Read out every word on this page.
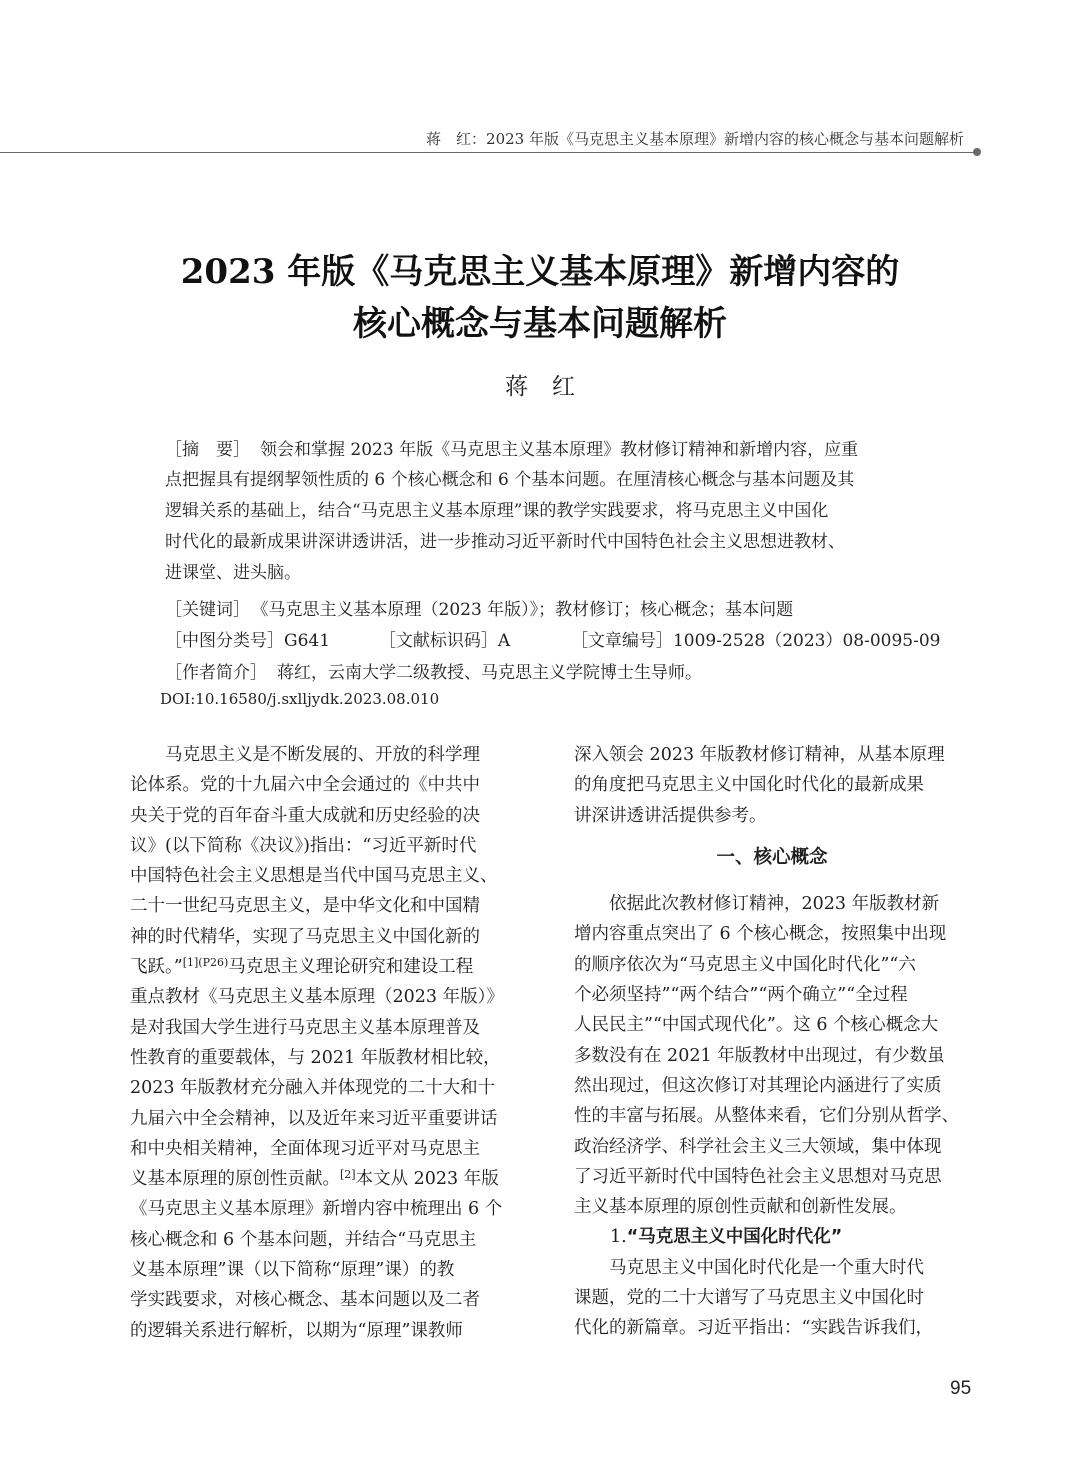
蒋　红：2023 年版《马克思主义基本原理》新增内容的核心概念与基本问题解析
2023 年版《马克思主义基本原理》新增内容的
核心概念与基本问题解析
蒋红
［摘　要］ 领会和掌握 2023 年版《马克思主义基本原理》教材修订精神和新增内容，应重
点把握具有提纲挈领性质的 6 个核心概念和 6 个基本问题。在厘清核心概念与基本问题及其
逻辑关系的基础上，结合“马克思主义基本原理”课的教学实践要求，将马克思主义中国化
时代化的最新成果讲深讲透讲活，进一步推动习近平新时代中国特色社会主义思想进教材、
进课堂、进头脑。
［关键词］ 《马克思主义基本原理（2023 年版）》；教材修订；核心概念；基本问题
［中图分类号］G641	［文献标识码］A	［文章编号］1009-2528（2023）08-0095-09
［作者简介］ 蒋红，云南大学二级教授、马克思主义学院博士生导师。
DOI:10.16580/j.sxlljydk.2023.08.010
马克思主义是不断发展的、开放的科学理
论体系。党的十九届六中全会通过的《中共中
央关于党的百年奋斗重大成就和历史经验的决
议》(以下简称《决议》)指出：“习近平新时代
中国特色社会主义思想是当代中国马克思主义、
二十一世纪马克思主义，是中华文化和中国精
神的时代精华，实现了马克思主义中国化新的
飞跃。”$^{[1](P26)}$马克思主义理论研究和建设工程
重点教材《马克思主义基本原理（2023 年版）》
是对我国大学生进行马克思主义基本原理普及
性教育的重要载体，与 2021 年版教材相比较，
2023 年版教材充分融入并体现党的二十大和十
九届六中全会精神，以及近年来习近平重要讲话
和中央相关精神，全面体现习近平对马克思主
义基本原理的原创性贡献。[2]本文从 2023 年版
《马克思主义基本原理》新增内容中梳理出 6 个
核心概念和 6 个基本问题，并结合“马克思主
义基本原理”课（以下简称“原理”课）的教
学实践要求，对核心概念、基本问题以及二者
的逻辑关系进行解析，以期为“原理”课教师
深入领会 2023 年版教材修订精神，从基本原理
的角度把马克思主义中国化时代化的最新成果
讲深讲透讲活提供参考。
一、核心概念
依据此次教材修订精神，2023 年版教材新
增内容重点突出了 6 个核心概念，按照集中出现
的顺序依次为“马克思主义中国化时代化”“六
个必须坚持”“两个结合”“两个确立”“全过程
人民民主”“中国式现代化”。这 6 个核心概念大
多数没有在 2021 年版教材中出现过，有少数虽
然出现过，但这次修订对其理论内涵进行了实质
性的丰富与拓展。从整体来看，它们分别从哲学、
政治经济学、科学社会主义三大领域，集中体现
了习近平新时代中国特色社会主义思想对马克思
主义基本原理的原创性贡献和创新性发展。
1.“马克思主义中国化时代化”
马克思主义中国化时代化是一个重大时代
课题，党的二十大谱写了马克思主义中国化时
代化的新篇章。习近平指出：“实践告诉我们，
95
